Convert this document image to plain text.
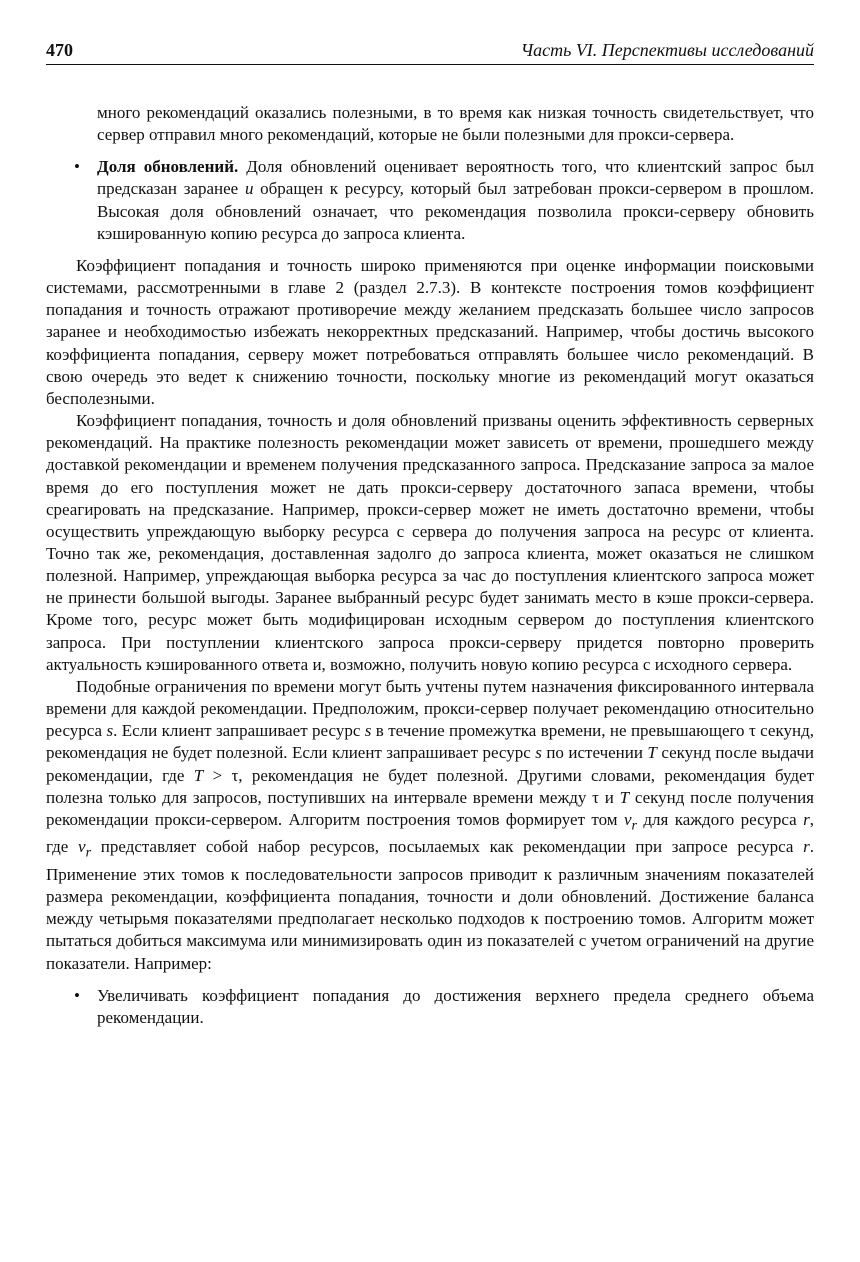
470	Часть VI. Перспективы исследований

много рекомендаций оказались полезными, в то время как низкая точность свидетельствует, что сервер отправил много рекомендаций, которые не были полезными для прокси-сервера.

• Доля обновлений. Доля обновлений оценивает вероятность того, что клиентский запрос был предсказан заранее и обращен к ресурсу, который был затребован прокси-сервером в прошлом. Высокая доля обновлений означает, что рекомендация позволила прокси-серверу обновить кэшированную копию ресурса до запроса клиента.

Коэффициент попадания и точность широко применяются при оценке информации поисковыми системами, рассмотренными в главе 2 (раздел 2.7.3). В контексте построения томов коэффициент попадания и точность отражают противоречие между желанием предсказать большее число запросов заранее и необходимостью избежать некорректных предсказаний. Например, чтобы достичь высокого коэффициента попадания, серверу может потребоваться отправлять большее число рекомендаций. В свою очередь это ведет к снижению точности, поскольку многие из рекомендаций могут оказаться бесполезными.

Коэффициент попадания, точность и доля обновлений призваны оценить эффективность серверных рекомендаций. На практике полезность рекомендации может зависеть от времени, прошедшего между доставкой рекомендации и временем получения предсказанного запроса. Предсказание запроса за малое время до его поступления может не дать прокси-серверу достаточного запаса времени, чтобы среагировать на предсказание. Например, прокси-сервер может не иметь достаточно времени, чтобы осуществить упреждающую выборку ресурса с сервера до получения запроса на ресурс от клиента. Точно так же, рекомендация, доставленная задолго до запроса клиента, может оказаться не слишком полезной. Например, упреждающая выборка ресурса за час до поступления клиентского запроса может не принести большой выгоды. Заранее выбранный ресурс будет занимать место в кэше прокси-сервера. Кроме того, ресурс может быть модифицирован исходным сервером до поступления клиентского запроса. При поступлении клиентского запроса прокси-серверу придется повторно проверить актуальность кэшированного ответа и, возможно, получить новую копию ресурса с исходного сервера.

Подобные ограничения по времени могут быть учтены путем назначения фиксированного интервала времени для каждой рекомендации. Предположим, прокси-сервер получает рекомендацию относительно ресурса s. Если клиент запрашивает ресурс s в течение промежутка времени, не превышающего τ секунд, рекомендация не будет полезной. Если клиент запрашивает ресурс s по истечении T секунд после выдачи рекомендации, где T > τ, рекомендация не будет полезной. Другими словами, рекомендация будет полезна только для запросов, поступивших на интервале времени между τ и T секунд после получения рекомендации прокси-сервером. Алгоритм построения томов формирует том $v_r$ для каждого ресурса r, где $v_r$ представляет собой набор ресурсов, посылаемых как рекомендации при запросе ресурса r. Применение этих томов к последовательности запросов приводит к различным значениям показателей размера рекомендации, коэффициента попадания, точности и доли обновлений. Достижение баланса между четырьмя показателями предполагает несколько подходов к построению томов. Алгоритм может пытаться добиться максимума или минимизировать один из показателей с учетом ограничений на другие показатели. Например:

• Увеличивать коэффициент попадания до достижения верхнего предела среднего объема рекомендации.
